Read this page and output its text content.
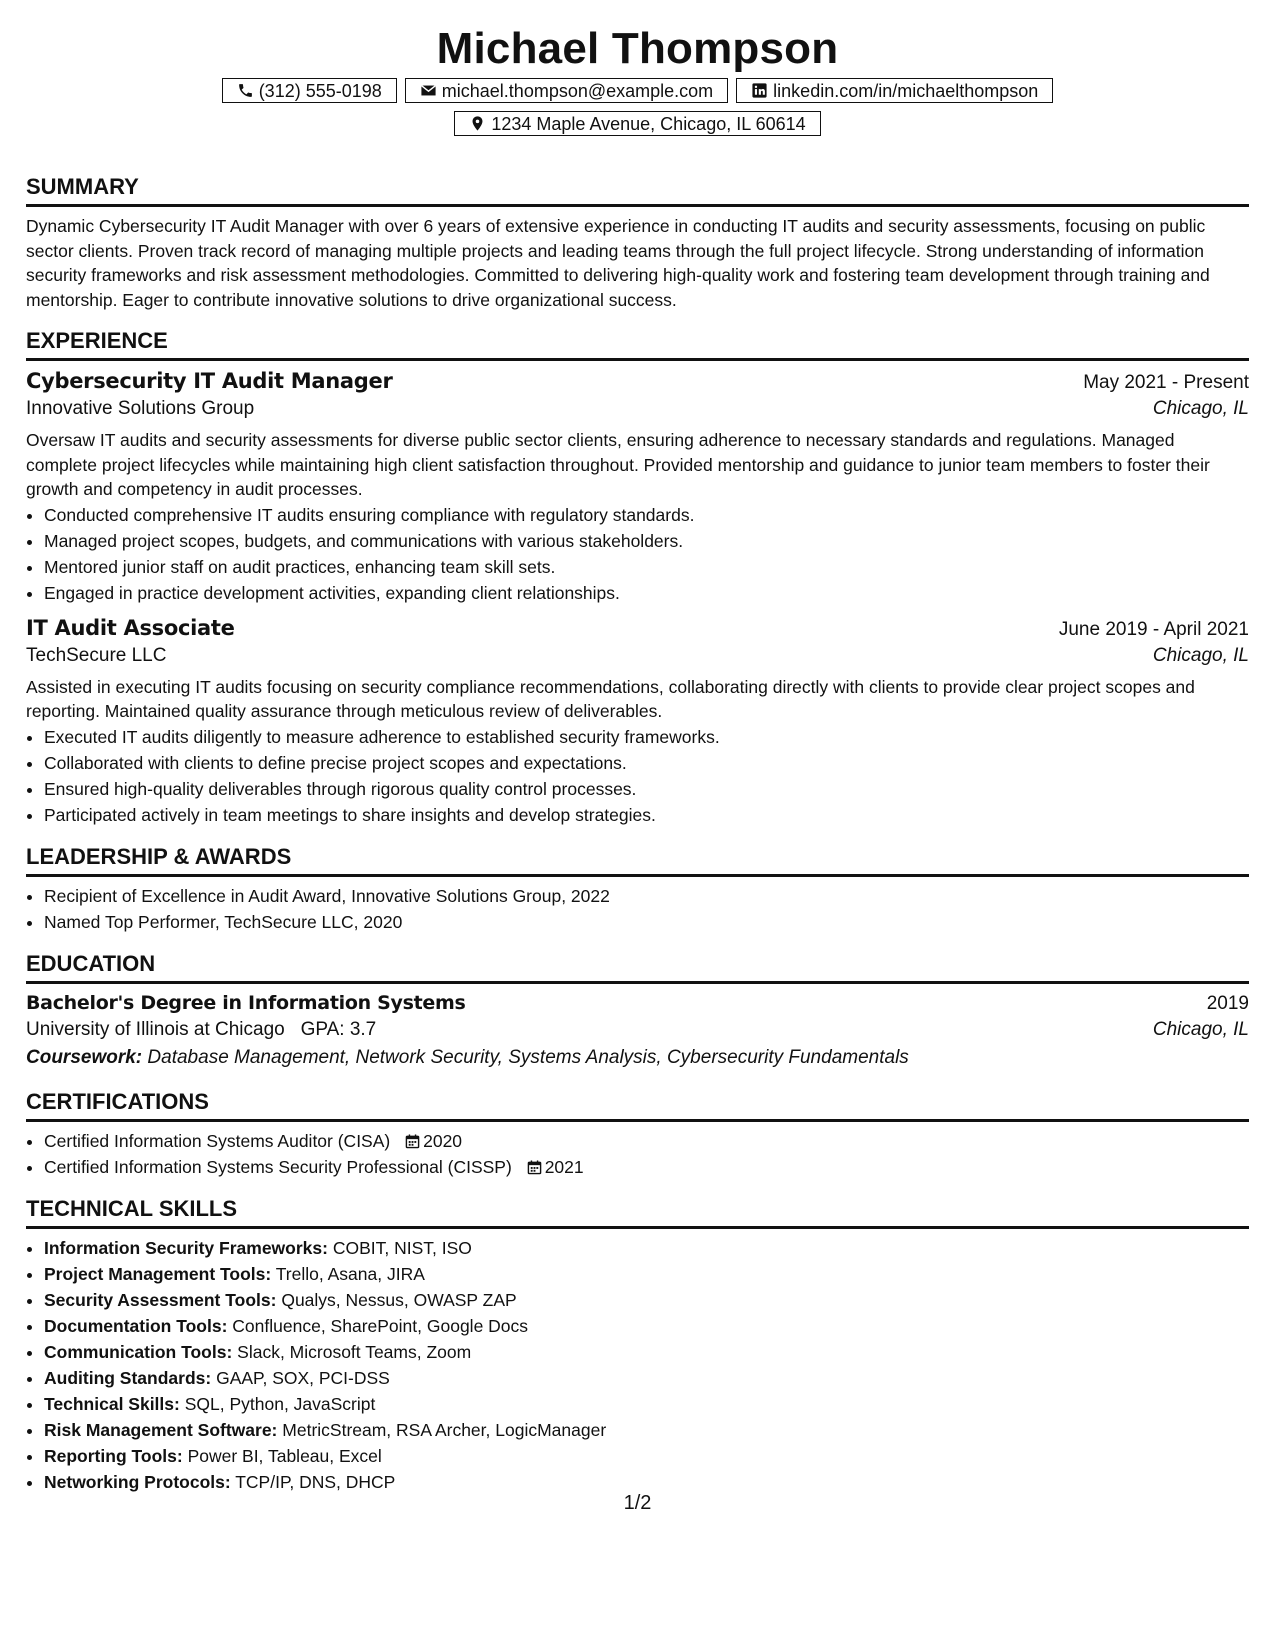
Michael Thompson
(312) 555-0198	michael.thompson@example.com	linkedin.com/in/michaelthompson
1234 Maple Avenue, Chicago, IL 60614
SUMMARY
Dynamic Cybersecurity IT Audit Manager with over 6 years of extensive experience in conducting IT audits and security assessments, focusing on public sector clients. Proven track record of managing multiple projects and leading teams through the full project lifecycle. Strong understanding of information security frameworks and risk assessment methodologies. Committed to delivering high-quality work and fostering team development through training and mentorship. Eager to contribute innovative solutions to drive organizational success.
EXPERIENCE
Cybersecurity IT Audit Manager	May 2021 - Present
Innovative Solutions Group	Chicago, IL
Oversaw IT audits and security assessments for diverse public sector clients, ensuring adherence to necessary standards and regulations. Managed complete project lifecycles while maintaining high client satisfaction throughout. Provided mentorship and guidance to junior team members to foster their growth and competency in audit processes.
• Conducted comprehensive IT audits ensuring compliance with regulatory standards.
• Managed project scopes, budgets, and communications with various stakeholders.
• Mentored junior staff on audit practices, enhancing team skill sets.
• Engaged in practice development activities, expanding client relationships.
IT Audit Associate	June 2019 - April 2021
TechSecure LLC	Chicago, IL
Assisted in executing IT audits focusing on security compliance recommendations, collaborating directly with clients to provide clear project scopes and reporting. Maintained quality assurance through meticulous review of deliverables.
• Executed IT audits diligently to measure adherence to established security frameworks.
• Collaborated with clients to define precise project scopes and expectations.
• Ensured high-quality deliverables through rigorous quality control processes.
• Participated actively in team meetings to share insights and develop strategies.
LEADERSHIP & AWARDS
• Recipient of Excellence in Audit Award, Innovative Solutions Group, 2022
• Named Top Performer, TechSecure LLC, 2020
EDUCATION
Bachelor's Degree in Information Systems	2019
University of Illinois at Chicago GPA: 3.7	Chicago, IL
Coursework: Database Management, Network Security, Systems Analysis, Cybersecurity Fundamentals
CERTIFICATIONS
• Certified Information Systems Auditor (CISA) 2020
• Certified Information Systems Security Professional (CISSP) 2021
TECHNICAL SKILLS
• Information Security Frameworks: COBIT, NIST, ISO
• Project Management Tools: Trello, Asana, JIRA
• Security Assessment Tools: Qualys, Nessus, OWASP ZAP
• Documentation Tools: Confluence, SharePoint, Google Docs
• Communication Tools: Slack, Microsoft Teams, Zoom
• Auditing Standards: GAAP, SOX, PCI-DSS
• Technical Skills: SQL, Python, JavaScript
• Risk Management Software: MetricStream, RSA Archer, LogicManager
• Reporting Tools: Power BI, Tableau, Excel
• Networking Protocols: TCP/IP, DNS, DHCP
1/2
